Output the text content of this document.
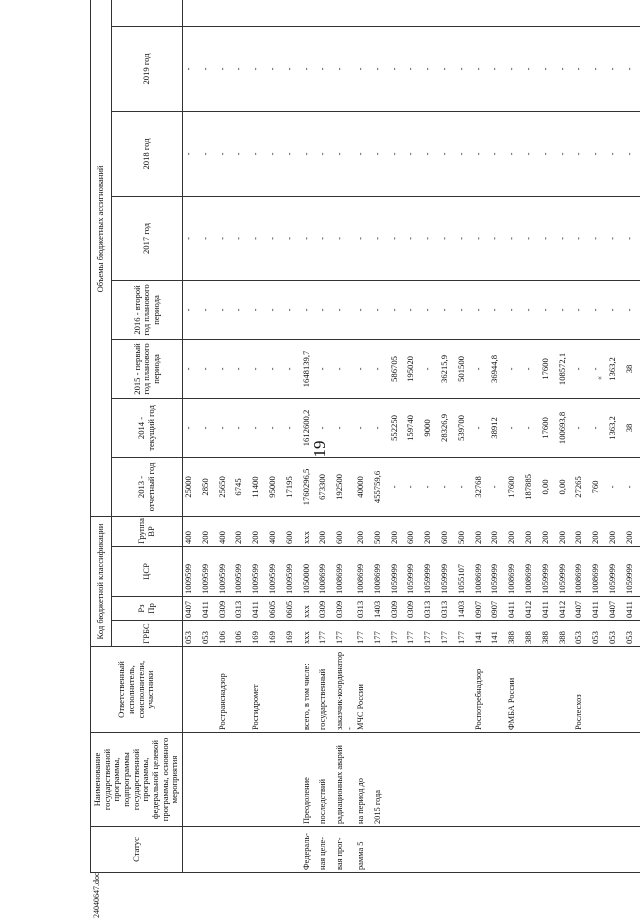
19
«
24040647.doc
Статус	Наименование государственной программы, подпрограммы государственной программы, федеральной целевой программы, основного мероприятия	Ответственный исполнитель, соисполнители, участники	Код бюджетной классификации				Объемы бюджетных ассигнований							
			ГРБС	Рз Пр	ЦСР	Группа ВР	2013 - отчетный год	2014 - текущий год	2015 - первый год планового периода	2016 - второй год планового периода	2017 год	2018 год	2019 год	
			053	0407	1009599	400	25000	-	-	-	-	-	-	
			053	0411	1009599	200	2850	-	-	-	-	-	-	
		Ространснадзор	106	0309	1009599	400	25650	-	-	-	-	-	-	
			106	0313	1009599	200	6745	-	-	-	-	-	-	
		Росгидромет	169	0411	1009599	200	11400	-	-	-	-	-	-	
			169	0605	1009599	400	95000	-	-	-	-	-	-	
			169	0605	1009599	600	17195	-	-	-	-	-	-	
Федераль-	Преодоление	всего, в том числе:	xxx	xxx	1050000	xxx	1760296,5	1612600,2	1648139,7	-	-	-	-	
ная целе-	последствий	государственный	177	0309	1008699	200	673300	-	-	-	-	-	-	
вая прог-	радиационных аварий	заказчик-координатор -	177	0309	1008699	600	192500	-	-	-	-	-	-	
рамма 5	на период до	МЧС России	177	0313	1008699	200	40000	-	-	-	-	-	-	
	2015 года		177	1403	1008699	500	455759,6	-	-	-	-	-	-	
			177	0309	1059999	200	-	552250	586705	-	-	-	-	
			177	0309	1059999	600	-	159740	195020	-	-	-	-	
			177	0313	1059999	200	-	9000	-	-	-	-	-	
			177	0313	1059999	600	-	28326,9	36215,9	-	-	-	-	
			177	1403	1055107	500	-	539700	501500	-	-	-	-	
		Роспотребнадзор	141	0907	1008699	200	32768	-	-	-	-	-	-	
			141	0907	1059999	200	-	38912	36944,8	-	-	-	-	
		ФМБА России	388	0411	1008699	200	17600	-	-	-	-	-	-	
			388	0412	1008699	200	187885	-	-	-	-	-	-	
			388	0411	1059999	200	0,00	17600	17600	-	-	-	-	
			388	0412	1059999	200	0,00	100693,8	108572,1	-	-	-	-	
		Рослесхоз	053	0407	1008699	200	27265	-	-	-	-	-	-	
			053	0411	1008699	200	760	-	-	-	-	-	-	
			053	0407	1059999	200	-	1363,2	1363,2	-	-	-	-	
			053	0411	1059999	200	-	38	38	-	-	-	-	
